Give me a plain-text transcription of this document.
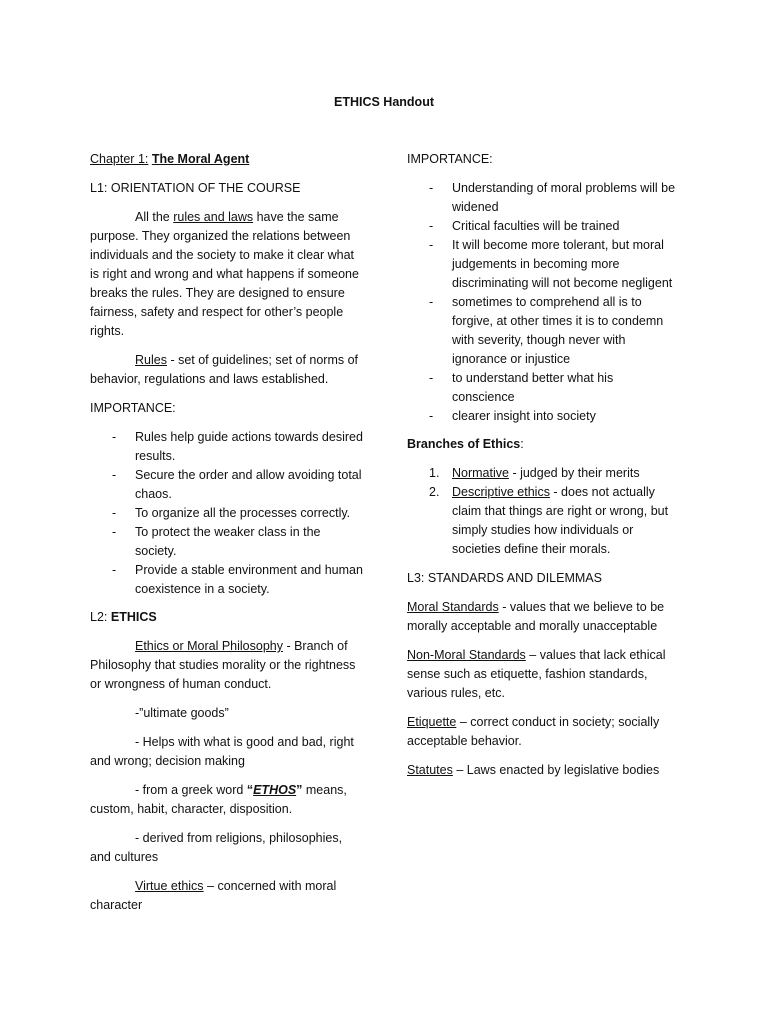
ETHICS Handout

Chapter 1: The Moral Agent

L1: ORIENTATION OF THE COURSE

All the rules and laws have the same purpose. They organized the relations between individuals and the society to make it clear what is right and wrong and what happens if someone breaks the rules. They are designed to ensure fairness, safety and respect for other’s people rights.

Rules - set of guidelines; set of norms of behavior, regulations and laws established.

IMPORTANCE:

- Rules help guide actions towards desired results.
- Secure the order and allow avoiding total chaos.
- To organize all the processes correctly.
- To protect the weaker class in the society.
- Provide a stable environment and human coexistence in a society.

L2: ETHICS

Ethics or Moral Philosophy - Branch of Philosophy that studies morality or the rightness or wrongness of human conduct.

-”ultimate goods”

- Helps with what is good and bad, right and wrong; decision making

- from a greek word “ETHOS” means, custom, habit, character, disposition.

- derived from religions, philosophies, and cultures

Virtue ethics – concerned with moral character

IMPORTANCE:

- Understanding of moral problems will be widened
- Critical faculties will be trained
- It will become more tolerant, but moral judgements in becoming more discriminating will not become negligent
- sometimes to comprehend all is to forgive, at other times it is to condemn with severity, though never with ignorance or injustice
- to understand better what his conscience
- clearer insight into society

Branches of Ethics:

1. Normative - judged by their merits
2. Descriptive ethics - does not actually claim that things are right or wrong, but simply studies how individuals or societies define their morals.

L3: STANDARDS AND DILEMMAS

Moral Standards - values that we believe to be morally acceptable and morally unacceptable

Non-Moral Standards – values that lack ethical sense such as etiquette, fashion standards, various rules, etc.

Etiquette – correct conduct in society; socially acceptable behavior.

Statutes – Laws enacted by legislative bodies
